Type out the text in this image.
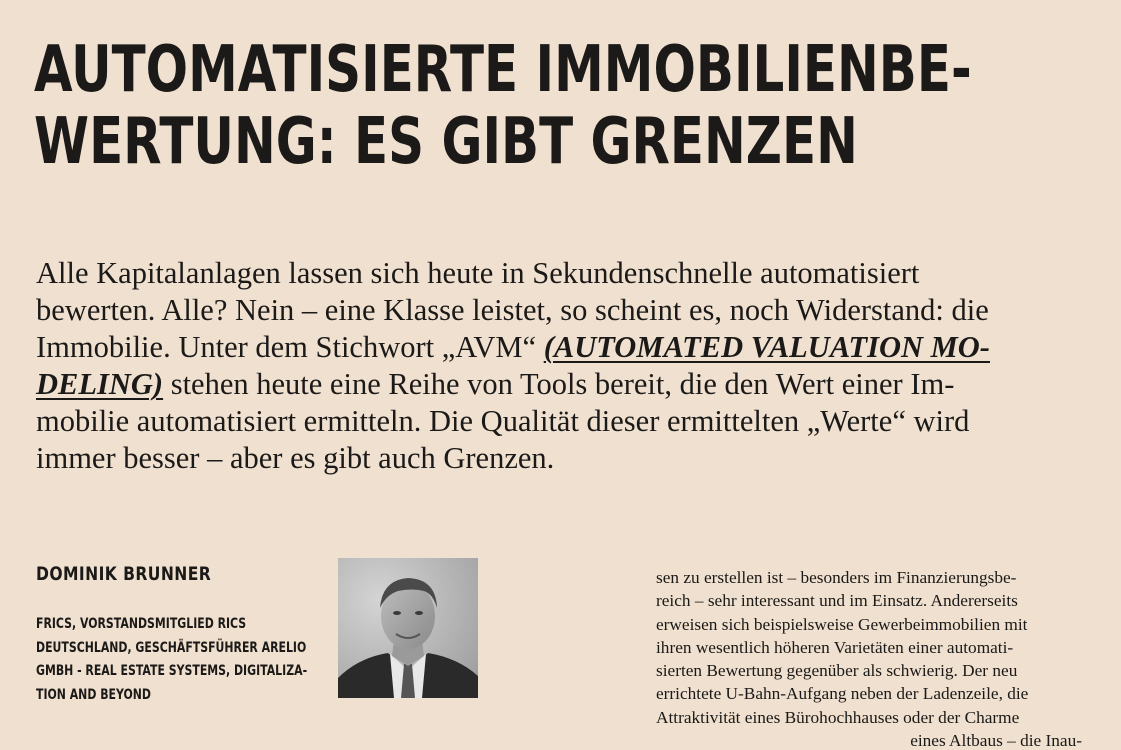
AUTOMATISIERTE IMMOBILIENBE-
WERTUNG: ES GIBT GRENZEN

Alle Kapitalanlagen lassen sich heute in Sekundenschnelle automatisiert
bewerten. Alle? Nein – eine Klasse leistet, so scheint es, noch Widerstand: die
Immobilie. Unter dem Stichwort „AVM“ (AUTOMATED VALUATION MO-
DELING) stehen heute eine Reihe von Tools bereit, die den Wert einer Im-
mobilie automatisiert ermitteln. Die Qualität dieser ermittelten „Werte“ wird
immer besser – aber es gibt auch Grenzen.

DOMINIK BRUNNER

FRICS, VORSTANDSMITGLIED RICS
DEUTSCHLAND, GESCHÄFTSFÜHRER ARELIO
GMBH - REAL ESTATE SYSTEMS, DIGITALIZA-
TION AND BEYOND

sen zu erstellen ist – besonders im Finanzierungsbe-
reich – sehr interessant und im Einsatz. Andererseits
erweisen sich beispielsweise Gewerbeimmobilien mit
ihren wesentlich höheren Varietäten einer automati-
sierten Bewertung gegenüber als schwierig. Der neu
errichtete U-Bahn-Aufgang neben der Ladenzeile, die
Attraktivität eines Bürohochhauses oder der Charme
eines Altbaus – die Inau-
